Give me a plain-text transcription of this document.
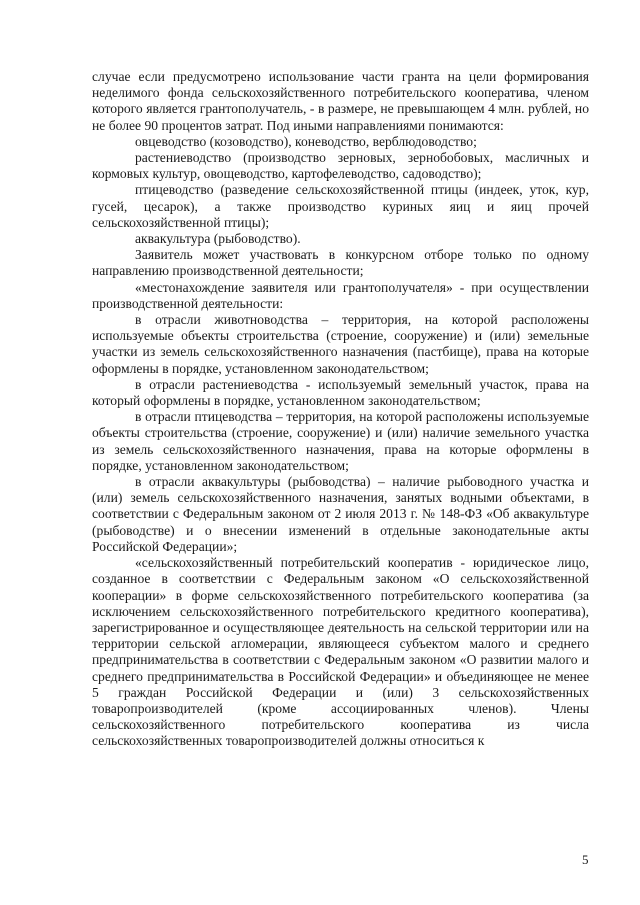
случае если предусмотрено использование части гранта на цели формирования неделимого фонда сельскохозяйственного потребительского кооператива, членом которого является грантополучатель, - в размере, не превышающем 4 млн. рублей, но не более 90 процентов затрат. Под иными направлениями понимаются:

овцеводство (козоводство), коневодство, верблюдоводство;

растениеводство (производство зерновых, зернобобовых, масличных и кормовых культур, овощеводство, картофелеводство, садоводство);

птицеводство (разведение сельскохозяйственной птицы (индеек, уток, кур, гусей, цесарок), а также производство куриных яиц и яиц прочей сельскохозяйственной птицы);

аквакультура (рыбоводство).

Заявитель может участвовать в конкурсном отборе только по одному направлению производственной деятельности;

«местонахождение заявителя или грантополучателя» - при осуществлении производственной деятельности:

в отрасли животноводства – территория, на которой расположены используемые объекты строительства (строение, сооружение) и (или) земельные участки из земель сельскохозяйственного назначения (пастбище), права на которые оформлены в порядке, установленном законодательством;

в отрасли растениеводства - используемый земельный участок, права на который оформлены в порядке, установленном законодательством;

в отрасли птицеводства – территория, на которой расположены используемые объекты строительства (строение, сооружение) и (или) наличие земельного участка из земель сельскохозяйственного назначения, права на которые оформлены в порядке, установленном законодательством;

в отрасли аквакультуры (рыбоводства) – наличие рыбоводного участка и (или) земель сельскохозяйственного назначения, занятых водными объектами, в соответствии с Федеральным законом от 2 июля 2013 г. № 148-ФЗ «Об аквакультуре (рыбоводстве) и о внесении изменений в отдельные законодательные акты Российской Федерации»;

«сельскохозяйственный потребительский кооператив - юридическое лицо, созданное в соответствии с Федеральным законом «О сельскохозяйственной кооперации» в форме сельскохозяйственного потребительского кооператива (за исключением сельскохозяйственного потребительского кредитного кооператива), зарегистрированное и осуществляющее деятельность на сельской территории или на территории сельской агломерации, являющееся субъектом малого и среднего предпринимательства в соответствии с Федеральным законом «О развитии малого и среднего предпринимательства в Российской Федерации» и объединяющее не менее 5 граждан Российской Федерации и (или) 3 сельскохозяйственных товаропроизводителей (кроме ассоциированных членов). Члены сельскохозяйственного потребительского кооператива из числа сельскохозяйственных товаропроизводителей должны относиться к

5
